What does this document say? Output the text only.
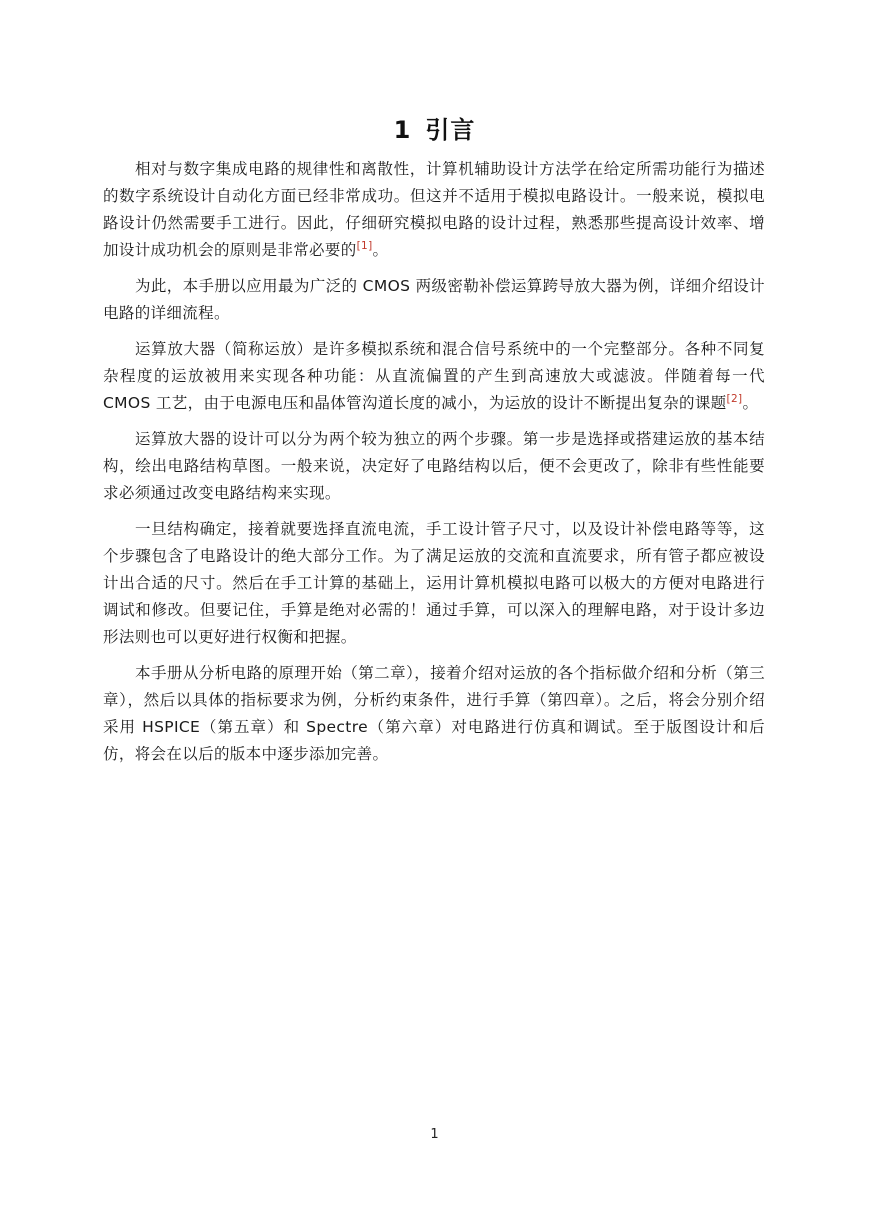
1 引言

相对与数字集成电路的规律性和离散性，计算机辅助设计方法学在给定所需功能行为描述的数字系统设计自动化方面已经非常成功。但这并不适用于模拟电路设计。一般来说，模拟电路设计仍然需要手工进行。因此，仔细研究模拟电路的设计过程，熟悉那些提高设计效率、增加设计成功机会的原则是非常必要的[1]。

为此，本手册以应用最为广泛的 CMOS 两级密勒补偿运算跨导放大器为例，详细介绍设计电路的详细流程。

运算放大器（简称运放）是许多模拟系统和混合信号系统中的一个完整部分。各种不同复杂程度的运放被用来实现各种功能：从直流偏置的产生到高速放大或滤波。伴随着每一代 CMOS 工艺，由于电源电压和晶体管沟道长度的减小，为运放的设计不断提出复杂的课题[2]。

运算放大器的设计可以分为两个较为独立的两个步骤。第一步是选择或搭建运放的基本结构，绘出电路结构草图。一般来说，决定好了电路结构以后，便不会更改了，除非有些性能要求必须通过改变电路结构来实现。

一旦结构确定，接着就要选择直流电流，手工设计管子尺寸，以及设计补偿电路等等，这个步骤包含了电路设计的绝大部分工作。为了满足运放的交流和直流要求，所有管子都应被设计出合适的尺寸。然后在手工计算的基础上，运用计算机模拟电路可以极大的方便对电路进行调试和修改。但要记住，手算是绝对必需的！通过手算，可以深入的理解电路，对于设计多边形法则也可以更好进行权衡和把握。

本手册从分析电路的原理开始（第二章），接着介绍对运放的各个指标做介绍和分析（第三章），然后以具体的指标要求为例，分析约束条件，进行手算（第四章）。之后，将会分别介绍采用 HSPICE（第五章）和 Spectre（第六章）对电路进行仿真和调试。至于版图设计和后仿，将会在以后的版本中逐步添加完善。

1
